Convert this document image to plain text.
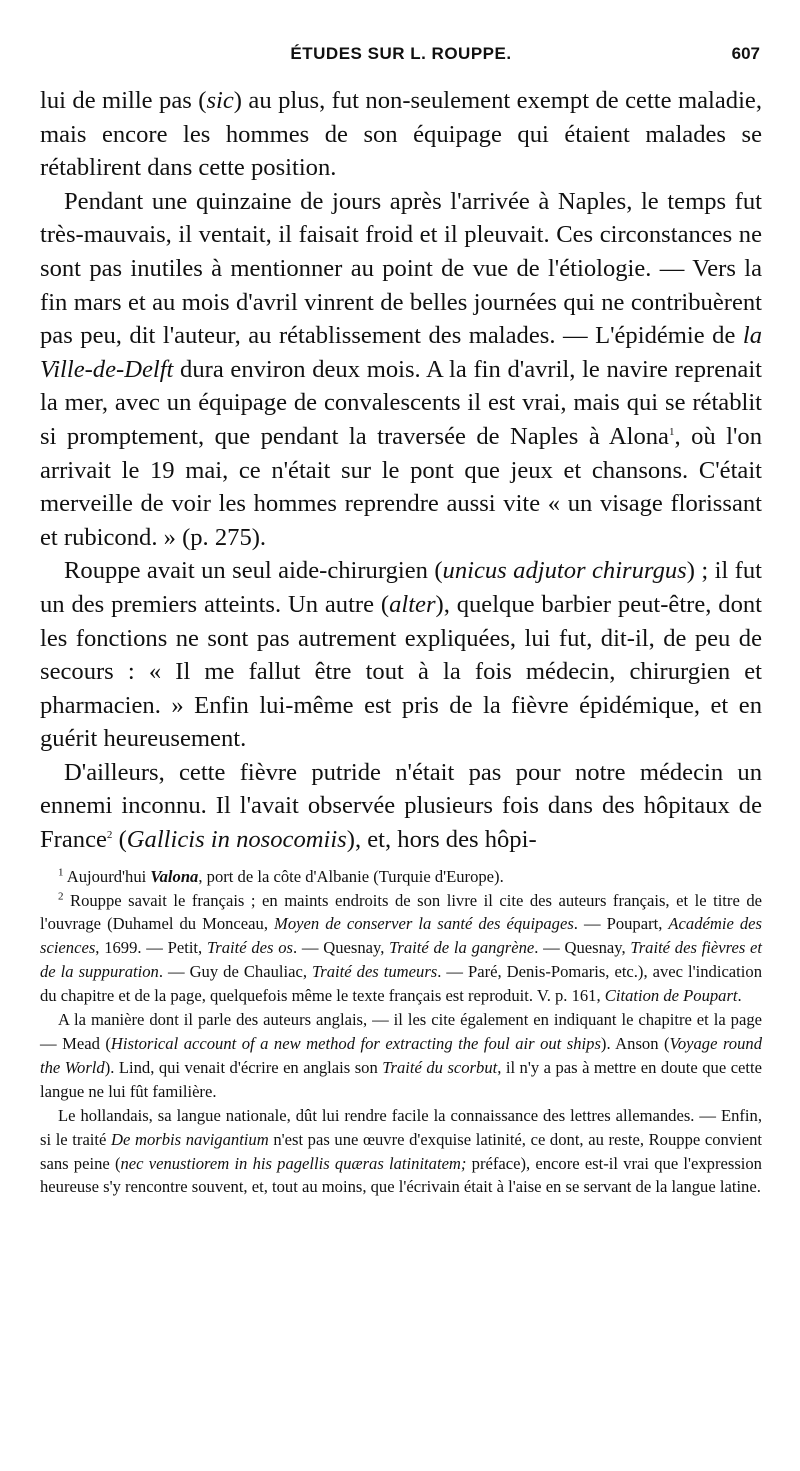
ÉTUDES SUR L. ROUPPE.	607

lui de mille pas (sic) au plus, fut non-seulement exempt de cette maladie, mais encore les hommes de son équipage qui étaient malades se rétablirent dans cette position.

Pendant une quinzaine de jours après l'arrivée à Naples, le temps fut très-mauvais, il ventait, il faisait froid et il pleuvait. Ces circonstances ne sont pas inutiles à mentionner au point de vue de l'étiologie. — Vers la fin mars et au mois d'avril vinrent de belles journées qui ne contribuèrent pas peu, dit l'auteur, au rétablissement des malades. — L'épidémie de la Ville-de-Delft dura environ deux mois. A la fin d'avril, le navire reprenait la mer, avec un équipage de convalescents il est vrai, mais qui se rétablit si promptement, que pendant la traversée de Naples à Alona$^1$, où l'on arrivait le 19 mai, ce n'était sur le pont que jeux et chansons. C'était merveille de voir les hommes reprendre aussi vite « un visage florissant et rubicond. » (p. 275).

Rouppe avait un seul aide-chirurgien (unicus adjutor chirurgus) ; il fut un des premiers atteints. Un autre (alter), quelque barbier peut-être, dont les fonctions ne sont pas autrement expliquées, lui fut, dit-il, de peu de secours : « Il me fallut être tout à la fois médecin, chirurgien et pharmacien. » Enfin lui-même est pris de la fièvre épidémique, et en guérit heureusement.

D'ailleurs, cette fièvre putride n'était pas pour notre médecin un ennemi inconnu. Il l'avait observée plusieurs fois dans des hôpitaux de France$^2$ (Gallicis in nosocomiis), et, hors des hôpi-

$^1$ Aujourd'hui Valona, port de la côte d'Albanie (Turquie d'Europe).

$^2$ Rouppe savait le français ; en maints endroits de son livre il cite des auteurs français, et le titre de l'ouvrage (Duhamel du Monceau, Moyen de conserver la santé des équipages. — Poupart, Académie des sciences, 1699. — Petit, Traité des os. — Quesnay, Traité de la gangrène. — Quesnay, Traité des fièvres et de la suppuration. — Guy de Chauliac, Traité des tumeurs. — Paré, Denis-Pomaris, etc.), avec l'indication du chapitre et de la page, quelquefois même le texte français est reproduit. V. p. 161, Citation de Poupart.

A la manière dont il parle des auteurs anglais, — il les cite également en indiquant le chapitre et la page — Mead (Historical account of a new method for extracting the foul air out ships). Anson (Voyage round the World). Lind, qui venait d'écrire en anglais son Traité du scorbut, il n'y a pas à mettre en doute que cette langue ne lui fût familière.

Le hollandais, sa langue nationale, dût lui rendre facile la connaissance des lettres allemandes. — Enfin, si le traité De morbis navigantium n'est pas une œuvre d'exquise latinité, ce dont, au reste, Rouppe convient sans peine (nec venustiorem in his pagellis quæras latinitatem; préface), encore est-il vrai que l'expression heureuse s'y rencontre souvent, et, tout au moins, que l'écrivain était à l'aise en se servant de la langue latine.
